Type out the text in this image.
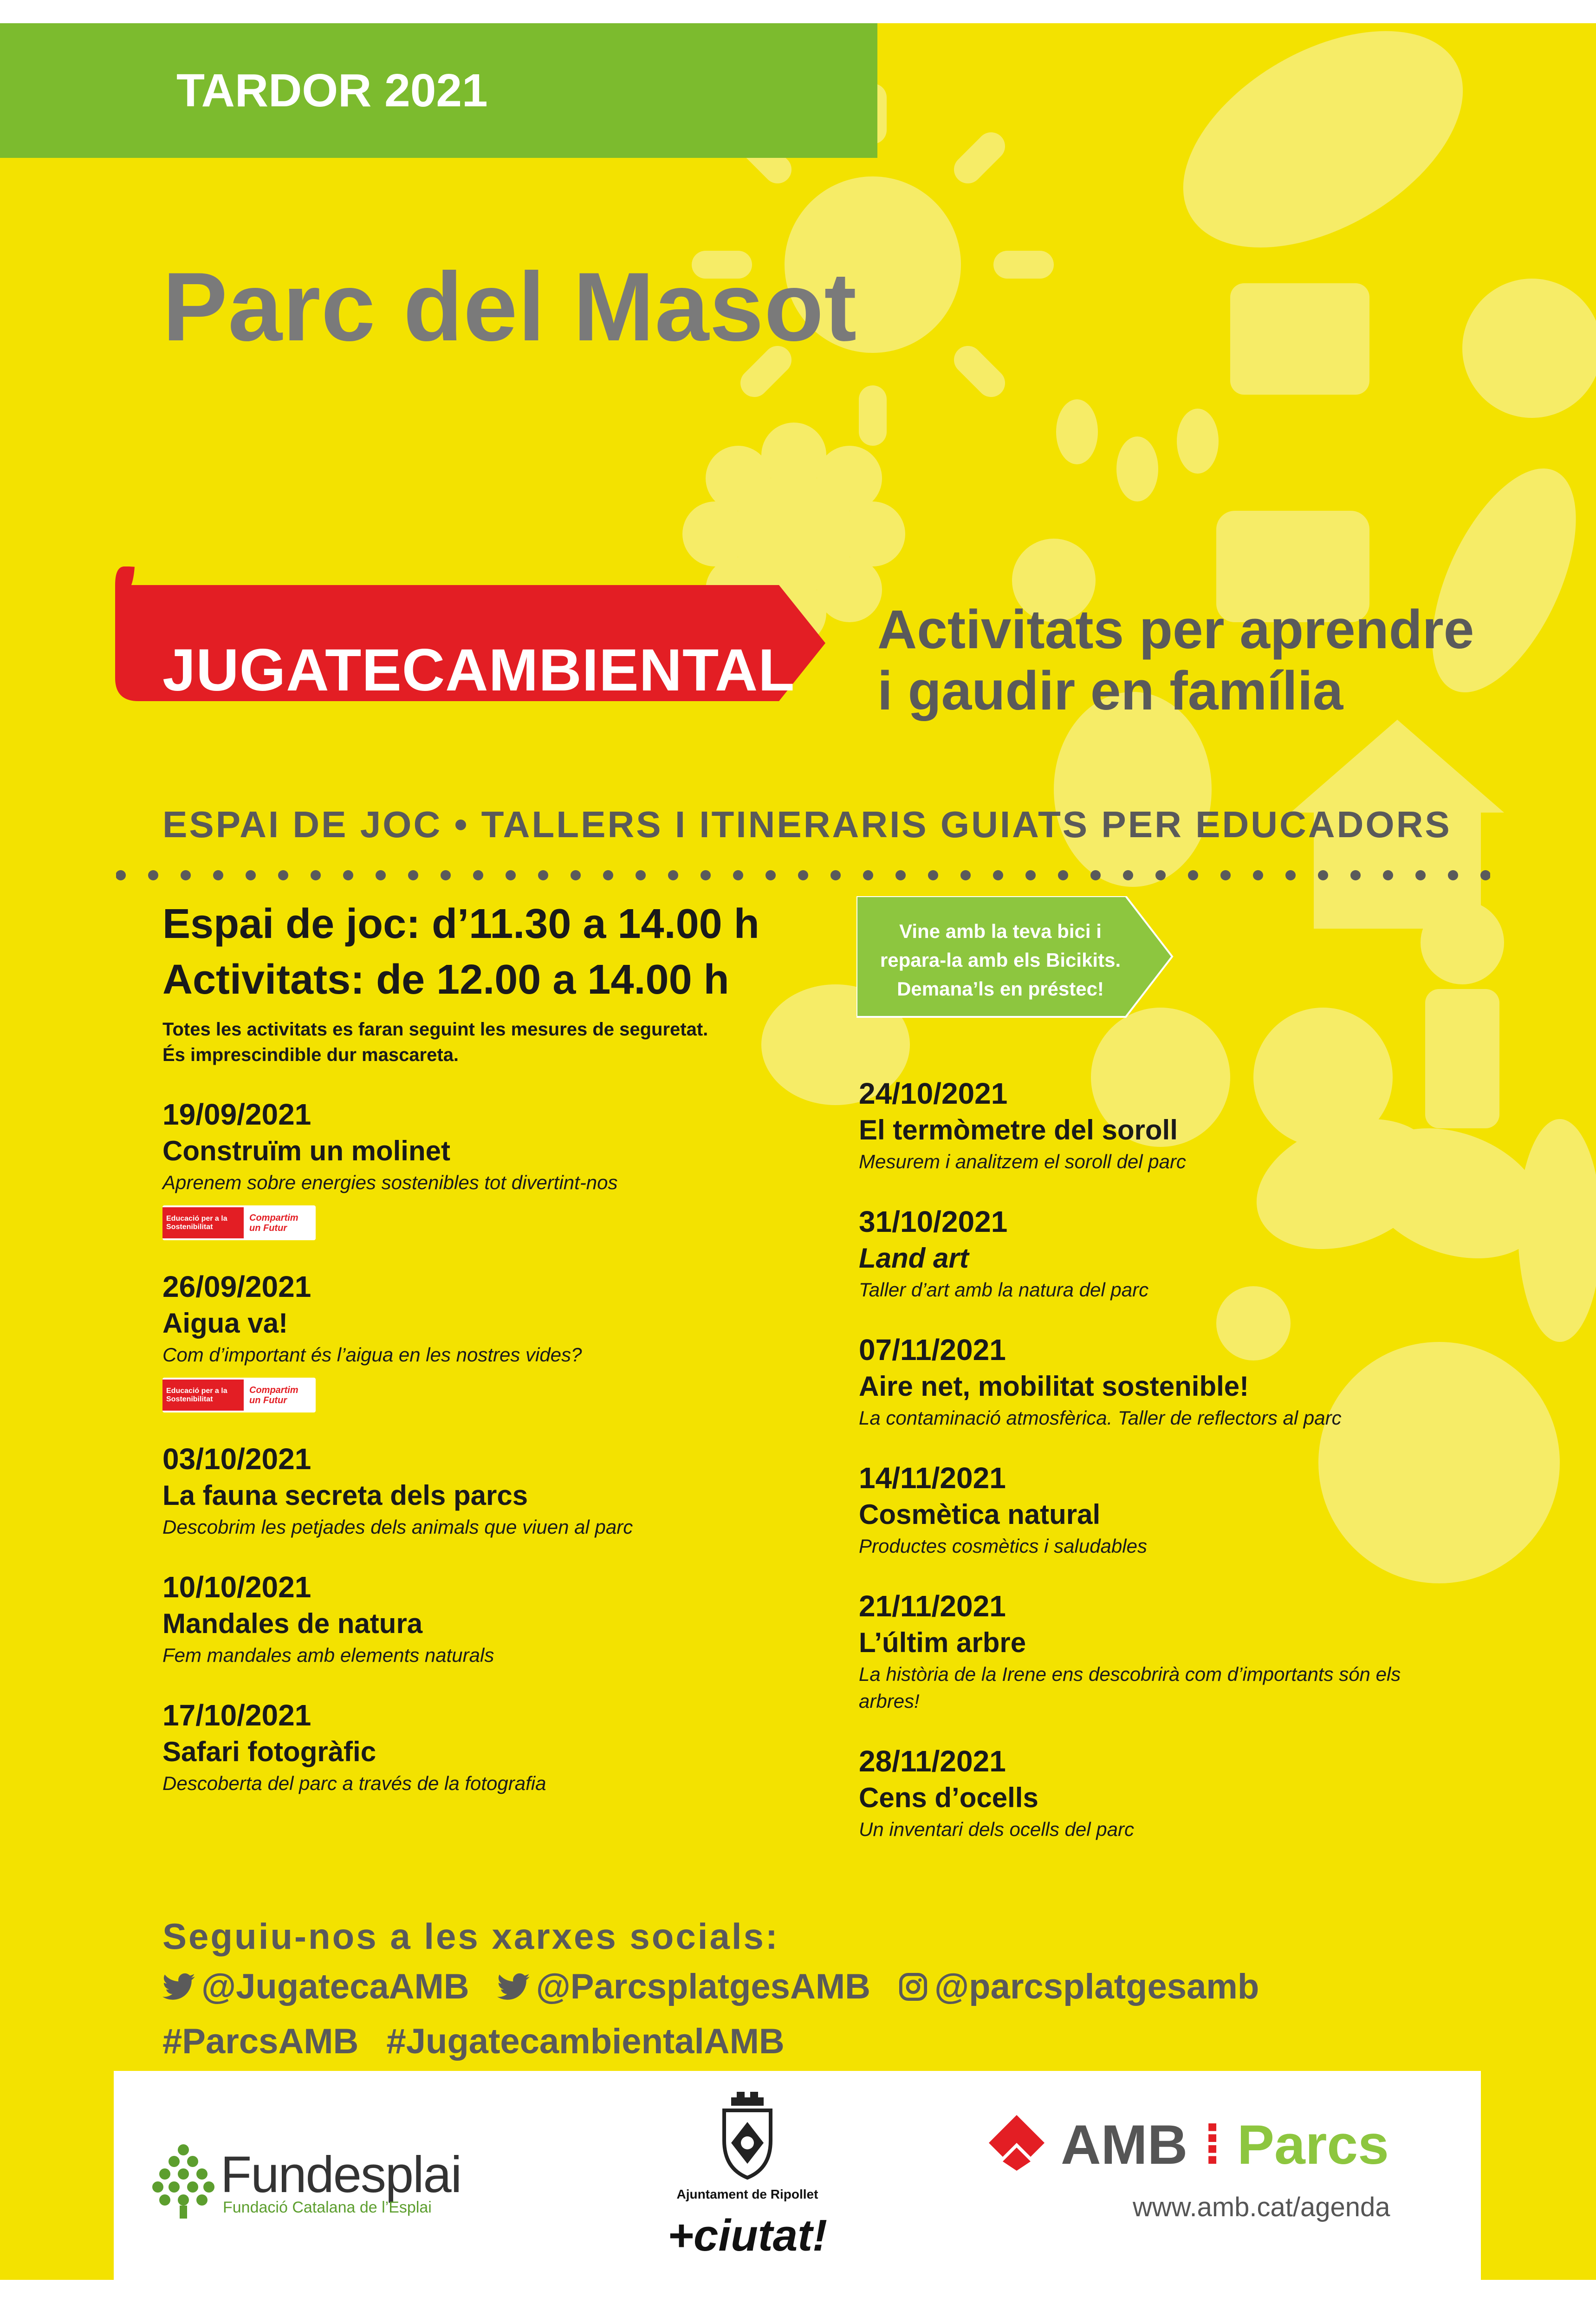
TARDOR 2021
Parc del Masot
JUGATECAMBIENTAL
Activitats per aprendre
i gaudir en família
ESPAI DE JOC • TALLERS I ITINERARIS GUIATS PER EDUCADORS
Espai de joc: d’11.30 a 14.00 h
Activitats: de 12.00 a 14.00 h
Totes les activitats es faran seguint les mesures de seguretat.
És imprescindible dur mascareta.
Vine amb la teva bici i
repara-la amb els Bicikits.
Demana’ls en préstec!
19/09/2021
Construïm un molinet
Aprenem sobre energies sostenibles tot divertint-nos
Educació per a la
Sostenibilitat
Compartim
un Futur
26/09/2021
Aigua va!
Com d’important és l’aigua en les nostres vides?
Educació per a la
Sostenibilitat
Compartim
un Futur
03/10/2021
La fauna secreta dels parcs
Descobrim les petjades dels animals que viuen al parc
10/10/2021
Mandales de natura
Fem mandales amb elements naturals
17/10/2021
Safari fotogràfic
Descoberta del parc a través de la fotografia
24/10/2021
El termòmetre del soroll
Mesurem i analitzem el soroll del parc
31/10/2021
Land art
Taller d’art amb la natura del parc
07/11/2021
Aire net, mobilitat sostenible!
La contaminació atmosfèrica. Taller de reflectors al parc
14/11/2021
Cosmètica natural
Productes cosmètics i saludables
21/11/2021
L’últim arbre
La història de la Irene ens descobrirà com d’importants són els arbres!
28/11/2021
Cens d’ocells
Un inventari dels ocells del parc
Seguiu-nos a les xarxes socials:
@JugatecaAMB @ParcsplatgesAMB @parcsplatgesamb
#ParcsAMB #JugatecambientalAMB
Fundesplai
Fundació Catalana de l’Esplai
Ajuntament de Ripollet
+ciutat!
AMB ⁞ Parcs
www.amb.cat/agenda
